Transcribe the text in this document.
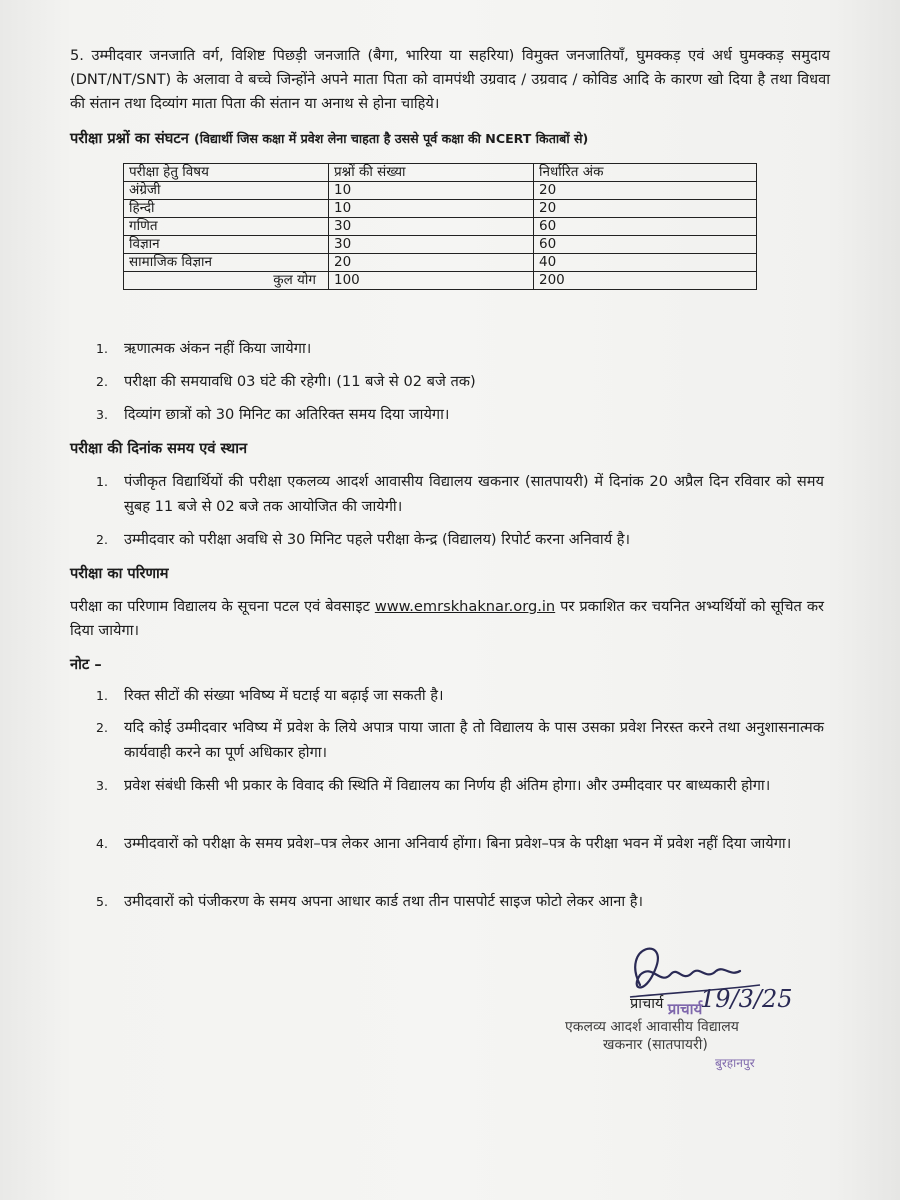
5. उम्मीदवार जनजाति वर्ग, विशिष्ट पिछड़ी जनजाति (बैगा, भारिया या सहरिया) विमुक्त जनजातियाँ, घुमक्कड़ एवं अर्ध घुमक्कड़ समुदाय (DNT/NT/SNT) के अलावा वे बच्चे जिन्होंने अपने माता पिता को वामपंथी उग्रवाद / उग्रवाद / कोविड आदि के कारण खो दिया है तथा विधवा की संतान तथा दिव्यांग माता पिता की संतान या अनाथ से होना चाहिये।
परीक्षा प्रश्नों का संघटन (विद्यार्थी जिस कक्षा में प्रवेश लेना चाहता है उससे पूर्व कक्षा की NCERT किताबों से)
परीक्षा हेतु विषय	प्रश्नों की संख्या	निर्धारित अंक
अंग्रेजी	10	20
हिन्दी	10	20
गणित	30	60
विज्ञान	30	60
सामाजिक विज्ञान	20	40
कुल योग	100	200
1. ऋणात्मक अंकन नहीं किया जायेगा।
2. परीक्षा की समयावधि 03 घंटे की रहेगी। (11 बजे से 02 बजे तक)
3. दिव्यांग छात्रों को 30 मिनिट का अतिरिक्त समय दिया जायेगा।
परीक्षा की दिनांक समय एवं स्थान
1. पंजीकृत विद्यार्थियों की परीक्षा एकलव्य आदर्श आवासीय विद्यालय खकनार (सातपायरी) में दिनांक 20 अप्रैल दिन रविवार को समय सुबह 11 बजे से 02 बजे तक आयोजित की जायेगी।
2. उम्मीदवार को परीक्षा अवधि से 30 मिनिट पहले परीक्षा केन्द्र (विद्यालय) रिपोर्ट करना अनिवार्य है।
परीक्षा का परिणाम
परीक्षा का परिणाम विद्यालय के सूचना पटल एवं बेवसाइट www.emrskhaknar.org.in पर प्रकाशित कर चयनित अभ्यर्थियों को सूचित कर दिया जायेगा।
नोट –
1. रिक्त सीटों की संख्या भविष्य में घटाई या बढ़ाई जा सकती है।
2. यदि कोई उम्मीदवार भविष्य में प्रवेश के लिये अपात्र पाया जाता है तो विद्यालय के पास उसका प्रवेश निरस्त करने तथा अनुशासनात्मक कार्यवाही करने का पूर्ण अधिकार होगा।
3. प्रवेश संबंधी किसी भी प्रकार के विवाद की स्थिति में विद्यालय का निर्णय ही अंतिम होगा। और उम्मीदवार पर बाध्यकारी होगा।
4. उम्मीदवारों को परीक्षा के समय प्रवेश–पत्र लेकर आना अनिवार्य होंगा। बिना प्रवेश–पत्र के परीक्षा भवन में प्रवेश नहीं दिया जायेगा।
5. उमीदवारों को पंजीकरण के समय अपना आधार कार्ड तथा तीन पासपोर्ट साइज फोटो लेकर आना है।
19/3/25
प्राचार्य प्राचार्य
एकलव्य आदर्श आवासीय विद्यालय
खकनार (सातपायरी)
बुरहानपुर
